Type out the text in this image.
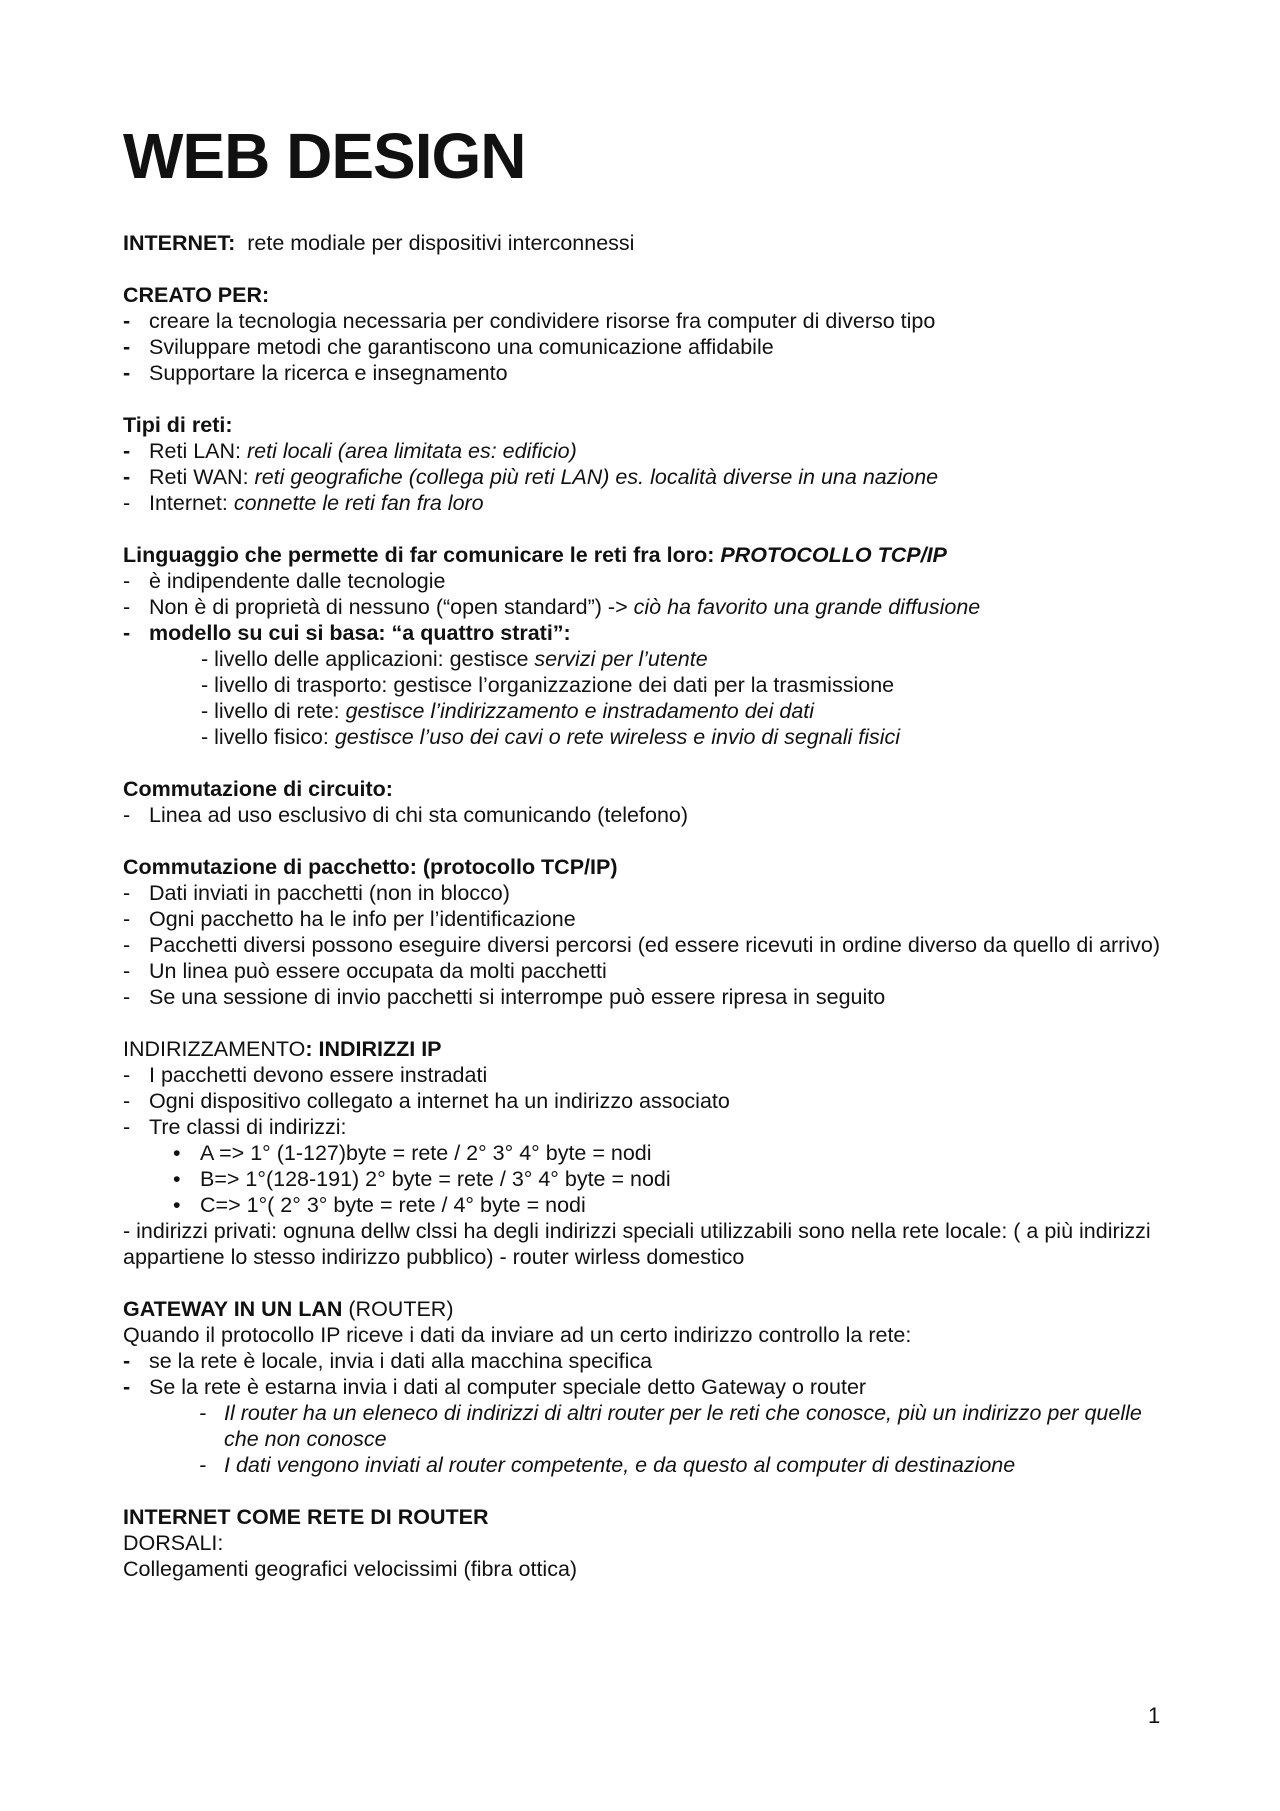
WEB DESIGN

INTERNET: rete modiale per dispositivi interconnessi

CREATO PER:

- creare la tecnologia necessaria per condividere risorse fra computer di diverso tipo

- Sviluppare metodi che garantiscono una comunicazione affidabile

- Supportare la ricerca e insegnamento

Tipi di reti:

- Reti LAN: reti locali (area limitata es: edificio)

- Reti WAN: reti geografiche (collega più reti LAN) es. località diverse in una nazione

- Internet: connette le reti fan fra loro

Linguaggio che permette di far comunicare le reti fra loro: PROTOCOLLO TCP/IP

- è indipendente dalle tecnologie

- Non è di proprietà di nessuno (“open standard”) -> ciò ha favorito una grande diffusione

- modello su cui si basa: “a quattro strati”:

- livello delle applicazioni: gestisce servizi per l’utente

- livello di trasporto: gestisce l’organizzazione dei dati per la trasmissione

- livello di rete: gestisce l’indirizzamento e instradamento dei dati

- livello fisico: gestisce l’uso dei cavi o rete wireless e invio di segnali fisici

Commutazione di circuito:

- Linea ad uso esclusivo di chi sta comunicando (telefono)

Commutazione di pacchetto: (protocollo TCP/IP)

- Dati inviati in pacchetti (non in blocco)

- Ogni pacchetto ha le info per l’identificazione

- Pacchetti diversi possono eseguire diversi percorsi (ed essere ricevuti in ordine diverso da quello di arrivo)

- Un linea può essere occupata da molti pacchetti

- Se una sessione di invio pacchetti si interrompe può essere ripresa in seguito

INDIRIZZAMENTO: INDIRIZZI IP

- I pacchetti devono essere instradati

- Ogni dispositivo collegato a internet ha un indirizzo associato

- Tre classi di indirizzi:

• A => 1° (1-127)byte = rete / 2° 3° 4° byte = nodi

• B=> 1°(128-191) 2° byte = rete / 3° 4° byte = nodi

• C=> 1°( 2° 3° byte = rete / 4° byte = nodi

- indirizzi privati: ognuna dellw clssi ha degli indirizzi speciali utilizzabili sono nella rete locale: ( a più indirizzi appartiene lo stesso indirizzo pubblico) - router wirless domestico

GATEWAY IN UN LAN (ROUTER)

Quando il protocollo IP riceve i dati da inviare ad un certo indirizzo controllo la rete:

- se la rete è locale, invia i dati alla macchina specifica

- Se la rete è estarna invia i dati al computer speciale detto Gateway o router

- Il router ha un eleneco di indirizzi di altri router per le reti che conosce, più un indirizzo per quelle che non conosce

- I dati vengono inviati al router competente, e da questo al computer di destinazione

INTERNET COME RETE DI ROUTER

DORSALI:

Collegamenti geografici velocissimi (fibra ottica)

1
